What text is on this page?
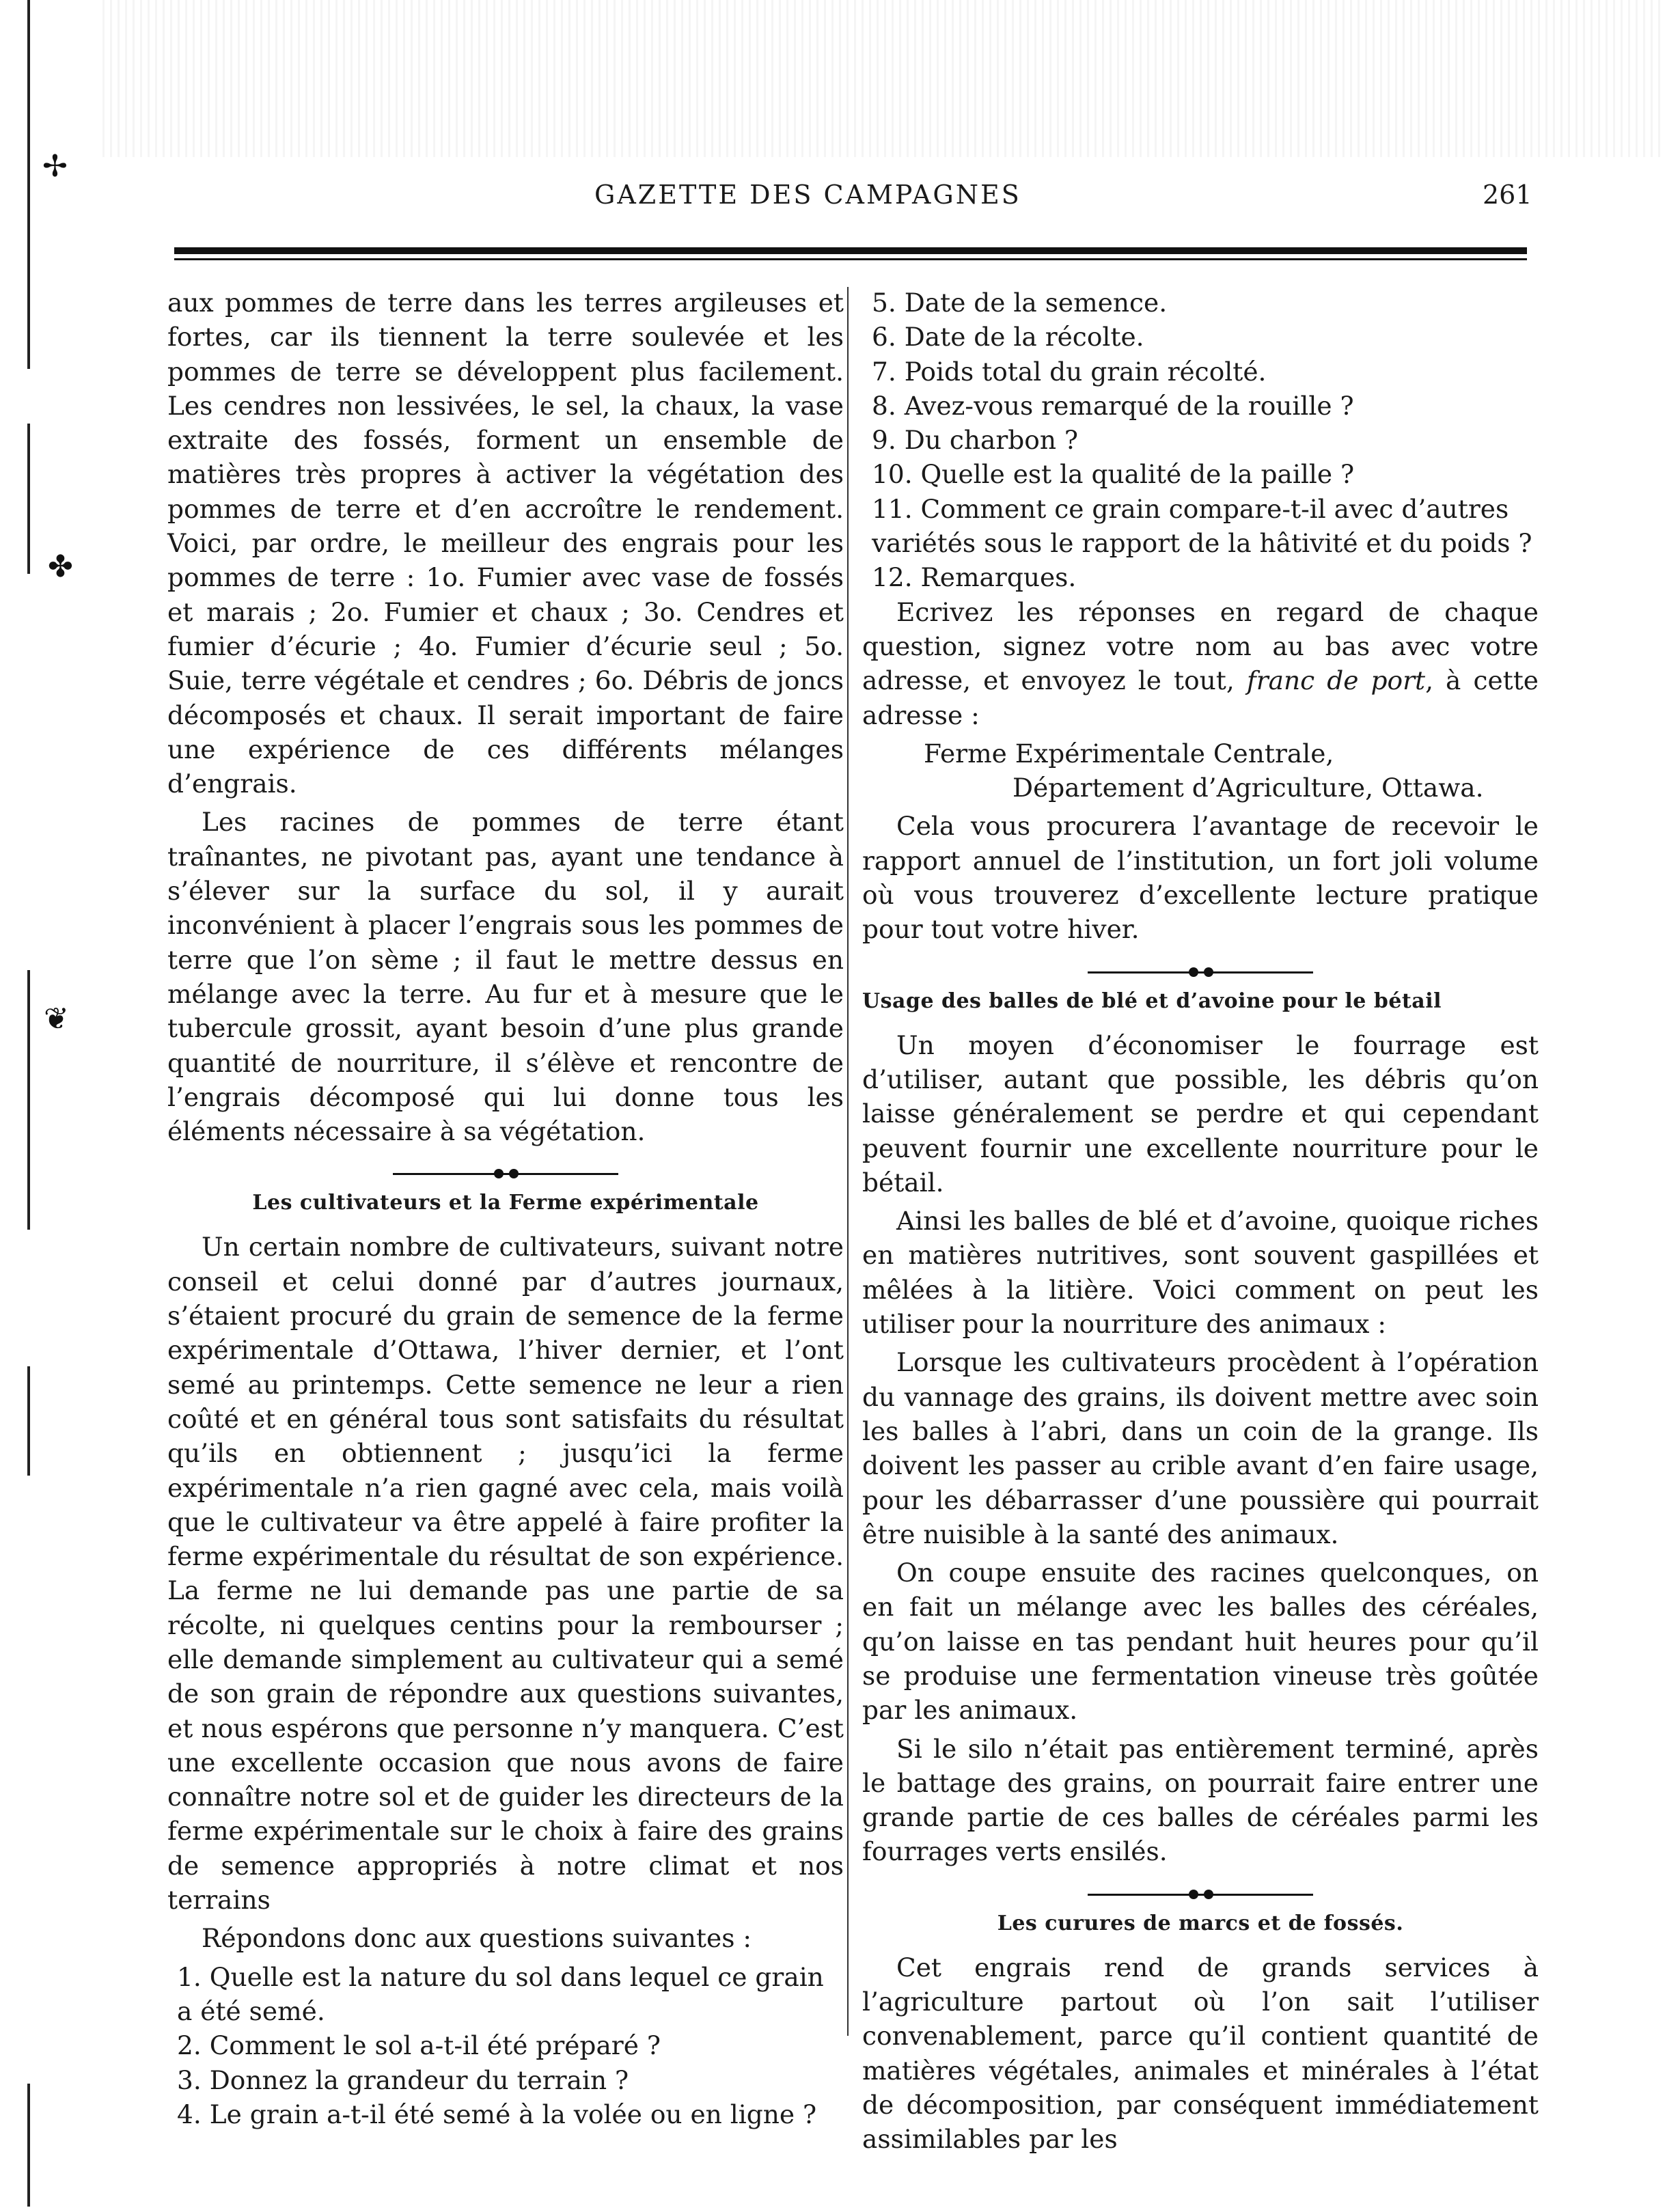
✢
✤
❦
GAZETTE DES CAMPAGNES	261

aux pommes de terre dans les terres argileuses et fortes, car ils tiennent la terre soulevée et les pommes de terre se développent plus facilement. Les cendres non lessivées, le sel, la chaux, la vase extraite des fossés, forment un ensemble de matières très propres à activer la végétation des pommes de terre et d’en accroître le rendement. Voici, par ordre, le meilleur des engrais pour les pommes de terre : 1o. Fumier avec vase de fossés et marais ; 2o. Fumier et chaux ; 3o. Cendres et fumier d’écurie ; 4o. Fumier d’écurie seul ; 5o. Suie, terre végétale et cendres ; 6o. Débris de joncs décomposés et chaux. Il serait important de faire une expérience de ces différents mélanges d’engrais.

Les racines de pommes de terre étant traînantes, ne pivotant pas, ayant une tendance à s’élever sur la surface du sol, il y aurait inconvénient à placer l’engrais sous les pommes de terre que l’on sème ; il faut le mettre dessus en mélange avec la terre. Au fur et à mesure que le tubercule grossit, ayant besoin d’une plus grande quantité de nourriture, il s’élève et rencontre de l’engrais décomposé qui lui donne tous les éléments nécessaire à sa végétation.

Les cultivateurs et la Ferme expérimentale

Un certain nombre de cultivateurs, suivant notre conseil et celui donné par d’autres journaux, s’étaient procuré du grain de semence de la ferme expérimentale d’Ottawa, l’hiver dernier, et l’ont semé au printemps. Cette semence ne leur a rien coûté et en général tous sont satisfaits du résultat qu’ils en obtiennent ; jusqu’ici la ferme expérimentale n’a rien gagné avec cela, mais voilà que le cultivateur va être appelé à faire profiter la ferme expérimentale du résultat de son expérience. La ferme ne lui demande pas une partie de sa récolte, ni quelques centins pour la rembourser ; elle demande simplement au cultivateur qui a semé de son grain de répondre aux questions suivantes, et nous espérons que personne n’y manquera. C’est une excellente occasion que nous avons de faire connaître notre sol et de guider les directeurs de la ferme expérimentale sur le choix à faire des grains de semence appropriés à notre climat et nos terrains

Répondons donc aux questions suivantes :

1. Quelle est la nature du sol dans lequel ce grain a été semé.

2. Comment le sol a-t-il été préparé ?

3. Donnez la grandeur du terrain ?

4. Le grain a-t-il été semé à la volée ou en ligne ?

5. Date de la semence.

6. Date de la récolte.

7. Poids total du grain récolté.

8. Avez-vous remarqué de la rouille ?

9. Du charbon ?

10. Quelle est la qualité de la paille ?

11. Comment ce grain compare-t-il avec d’autres variétés sous le rapport de la hâtivité et du poids ?

12. Remarques.

Ecrivez les réponses en regard de chaque question, signez votre nom au bas avec votre adresse, et envoyez le tout, franc de port, à cette adresse :

Ferme Expérimentale Centrale,

Département d’Agriculture, Ottawa.

Cela vous procurera l’avantage de recevoir le rapport annuel de l’institution, un fort joli volume où vous trouverez d’excellente lecture pratique pour tout votre hiver.

Usage des balles de blé et d’avoine pour le bétail

Un moyen d’économiser le fourrage est d’utiliser, autant que possible, les débris qu’on laisse généralement se perdre et qui cependant peuvent fournir une excellente nourriture pour le bétail.

Ainsi les balles de blé et d’avoine, quoique riches en matières nutritives, sont souvent gaspillées et mêlées à la litière. Voici comment on peut les utiliser pour la nourriture des animaux :

Lorsque les cultivateurs procèdent à l’opération du vannage des grains, ils doivent mettre avec soin les balles à l’abri, dans un coin de la grange. Ils doivent les passer au crible avant d’en faire usage, pour les débarrasser d’une poussière qui pourrait être nuisible à la santé des animaux.

On coupe ensuite des racines quelconques, on en fait un mélange avec les balles des céréales, qu’on laisse en tas pendant huit heures pour qu’il se produise une fermentation vineuse très goûtée par les animaux.

Si le silo n’était pas entièrement terminé, après le battage des grains, on pourrait faire entrer une grande partie de ces balles de céréales parmi les fourrages verts ensilés.

Les curures de marcs et de fossés.

Cet engrais rend de grands services à l’agriculture partout où l’on sait l’utiliser convenablement, parce qu’il contient quantité de matières végétales, animales et minérales à l’état de décomposition, par conséquent immédiatement assimilables par les
